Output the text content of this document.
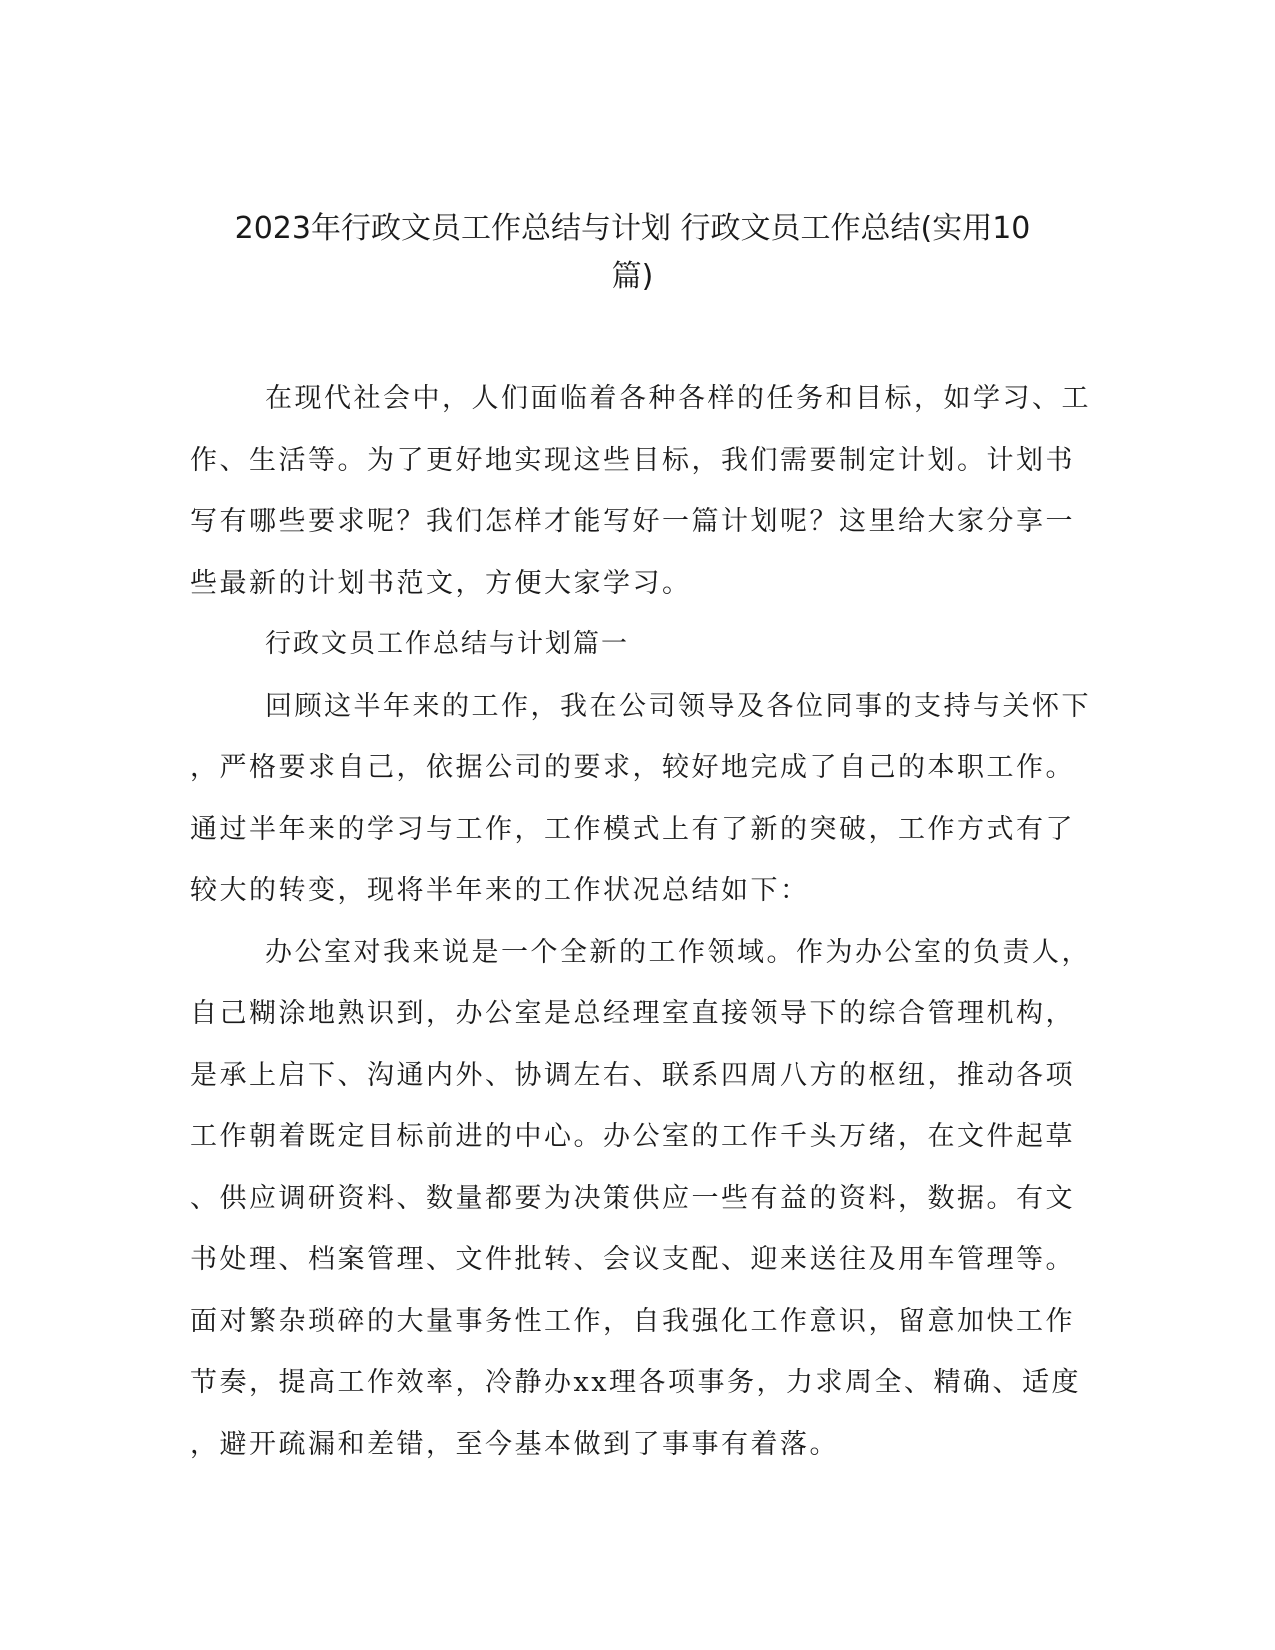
2023年行政文员工作总结与计划 行政文员工作总结(实用10
篇)
在现代社会中，人们面临着各种各样的任务和目标，如学习、工
作、生活等。为了更好地实现这些目标，我们需要制定计划。计划书
写有哪些要求呢？我们怎样才能写好一篇计划呢？这里给大家分享一
些最新的计划书范文，方便大家学习。
行政文员工作总结与计划篇一
回顾这半年来的工作，我在公司领导及各位同事的支持与关怀下
，严格要求自己，依据公司的要求，较好地完成了自己的本职工作。
通过半年来的学习与工作，工作模式上有了新的突破，工作方式有了
较大的转变，现将半年来的工作状况总结如下：
办公室对我来说是一个全新的工作领域。作为办公室的负责人，
自己糊涂地熟识到，办公室是总经理室直接领导下的综合管理机构，
是承上启下、沟通内外、协调左右、联系四周八方的枢纽，推动各项
工作朝着既定目标前进的中心。办公室的工作千头万绪，在文件起草
、供应调研资料、数量都要为决策供应一些有益的资料，数据。有文
书处理、档案管理、文件批转、会议支配、迎来送往及用车管理等。
面对繁杂琐碎的大量事务性工作，自我强化工作意识，留意加快工作
节奏，提高工作效率，冷静办xx理各项事务，力求周全、精确、适度
，避开疏漏和差错，至今基本做到了事事有着落。
